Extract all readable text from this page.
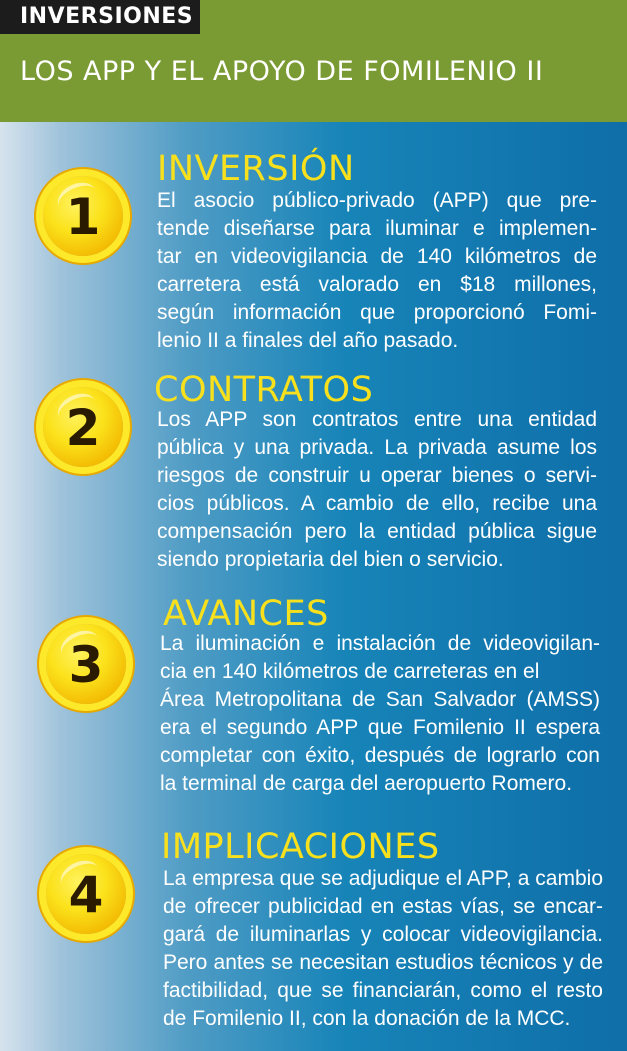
INVERSIONES
LOS APP Y EL APOYO DE FOMILENIO II
1
INVERSIÓN
El asocio público-privado (APP) que pre-
tende diseñarse para iluminar e implemen-
tar en videovigilancia de 140 kilómetros de
carretera está valorado en $18 millones,
según información que proporcionó Fomi-
lenio II a finales del año pasado.
2
CONTRATOS
Los APP son contratos entre una entidad
pública y una privada. La privada asume los
riesgos de construir u operar bienes o servi-
cios públicos. A cambio de ello, recibe una
compensación pero la entidad pública sigue
siendo propietaria del bien o servicio.
3
AVANCES
La iluminación e instalación de videovigilan-
cia en 140 kilómetros de carreteras en el
Área Metropolitana de San Salvador (AMSS)
era el segundo APP que Fomilenio II espera
completar con éxito, después de lograrlo con
la terminal de carga del aeropuerto Romero.
4
IMPLICACIONES
La empresa que se adjudique el APP, a cambio
de ofrecer publicidad en estas vías, se encar-
gará de iluminarlas y colocar videovigilancia.
Pero antes se necesitan estudios técnicos y de
factibilidad, que se financiarán, como el resto
de Fomilenio II, con la donación de la MCC.
